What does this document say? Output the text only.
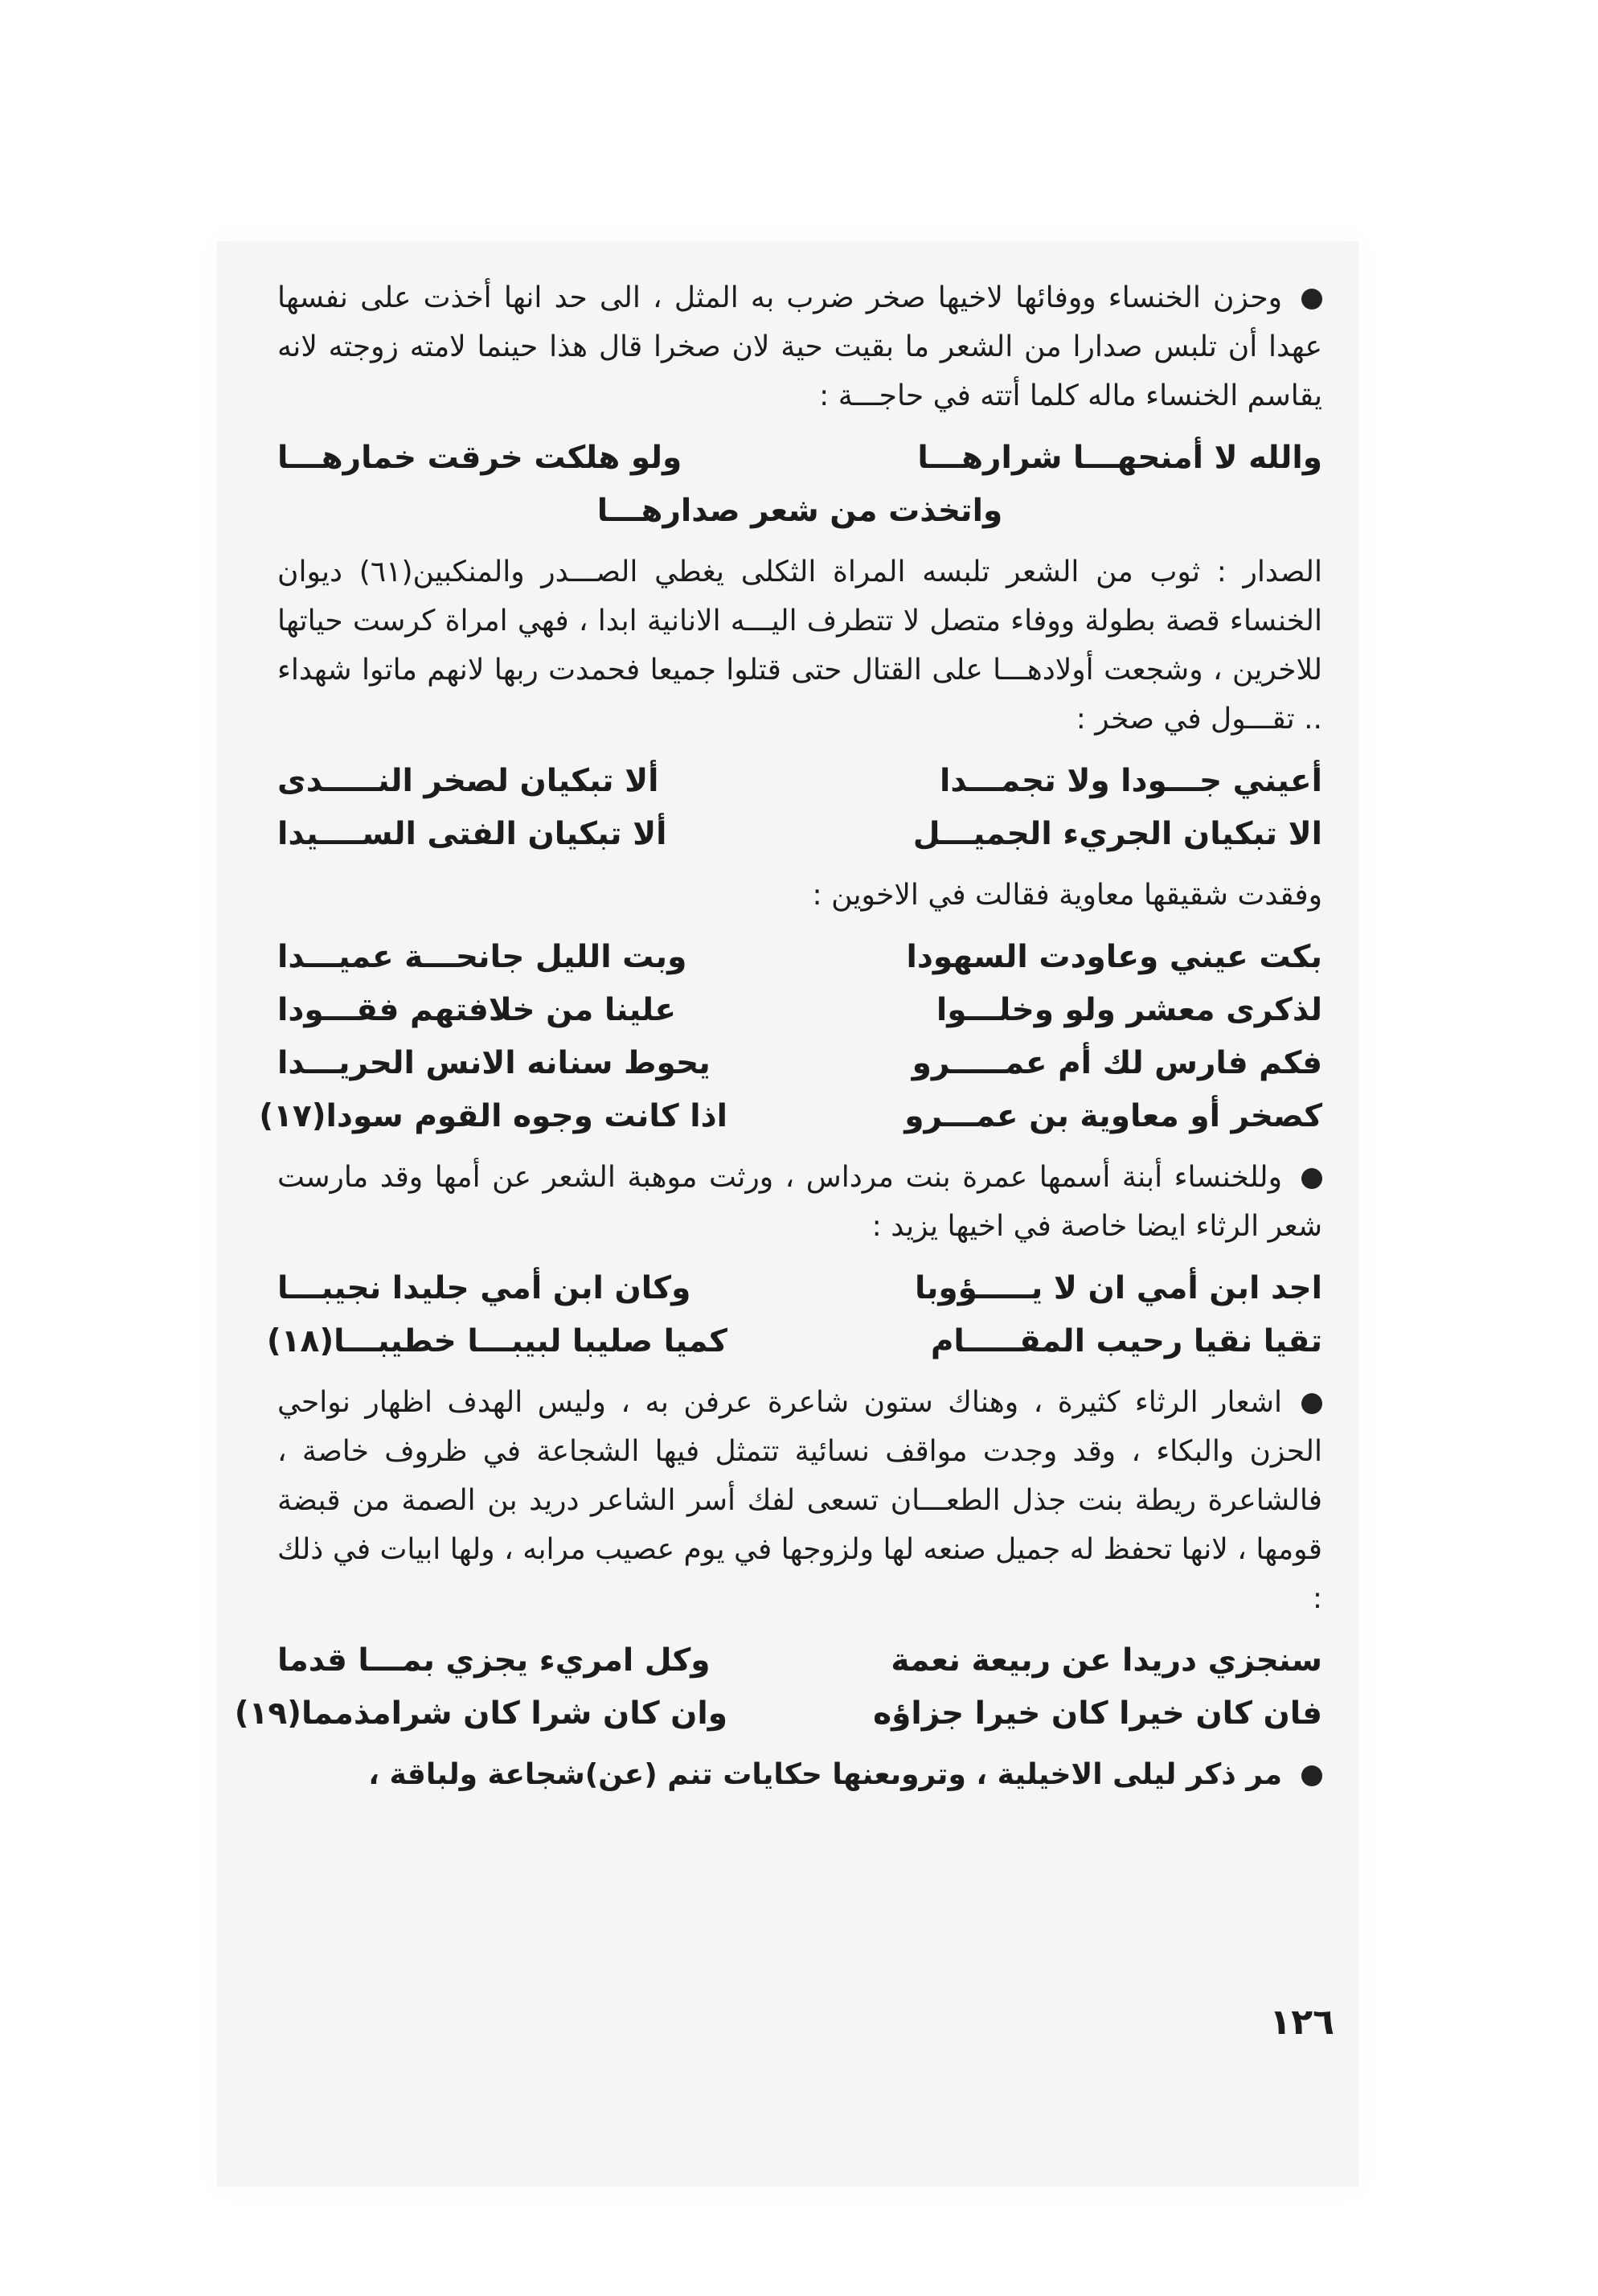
وحزن الخنساء ووفائها لاخيها صخر ضرب به المثل ، الى حد انها أخذت على نفسها عهدا أن تلبس صدارا من الشعر ما بقيت حية لان صخرا قال هذا حينما لامته زوجته لانه يقاسم الخنساء ماله كلما أتته في حاجـــة :

والله لا أمنحهـــا شرارهـــا
ولو هلكت خرقت خمارهـــا
واتخذت من شعر صدارهـــا

الصدار : ثوب من الشعر تلبسه المراة الثكلى يغطي الصـــدر والمنكبين(٦١) ديوان الخنساء قصة بطولة ووفاء متصل لا تتطرف اليـــه الانانية ابدا ، فهي امراة كرست حياتها للاخرين ، وشجعت أولادهـــا على القتال حتى قتلوا جميعا فحمدت ربها لانهم ماتوا شهداء .. تقـــول في صخر :

أعيني جـــودا ولا تجمـــدا
ألا تبكيان لصخر النـــــدى
الا تبكيان الجريء الجميـــل
ألا تبكيان الفتى الســــيدا

وفقدت شقيقها معاوية فقالت في الاخوين :

بكت عيني وعاودت السهودا
وبت الليل جانحـــة عميـــدا
لذكرى معشر ولو وخلـــوا
علينا من خلافتهم فقـــودا
فكم فارس لك أم عمـــــرو
يحوط سنانه الانس الحريـــدا
كصخر أو معاوية بن عمـــرو
اذا كانت وجوه القوم سودا(١٧)

وللخنساء أبنة أسمها عمرة بنت مرداس ، ورثت موهبة الشعر عن أمها وقد مارست شعر الرثاء ايضا خاصة في اخيها يزيد :

اجد ابن أمي ان لا يـــــؤوبا
وكان ابن أمي جليدا نجيبـــا
تقيا نقيا رحيب المقـــــام
كميا صليبا لبيبـــا خطيبـــا(١٨)

اشعار الرثاء كثيرة ، وهناك ستون شاعرة عرفن به ، وليس الهدف اظهار نواحي الحزن والبكاء ، وقد وجدت مواقف نسائية تتمثل فيها الشجاعة في ظروف خاصة ، فالشاعرة ريطة بنت جذل الطعـــان تسعى لفك أسر الشاعر دريد بن الصمة من قبضة قومها ، لانها تحفظ له جميل صنعه لها ولزوجها في يوم عصيب مرابه ، ولها ابيات في ذلك :

سنجزي دريدا عن ربيعة نعمة
وكل امريء يجزي بمـــا قدما
فان كان خيرا كان خيرا جزاؤه
وان كان شرا كان شرامذمما(١٩)

مر ذكر ليلى الاخيلية ، وتروىعنها حكايات تنم (عن)شجاعة ولباقة ،

١٢٦
